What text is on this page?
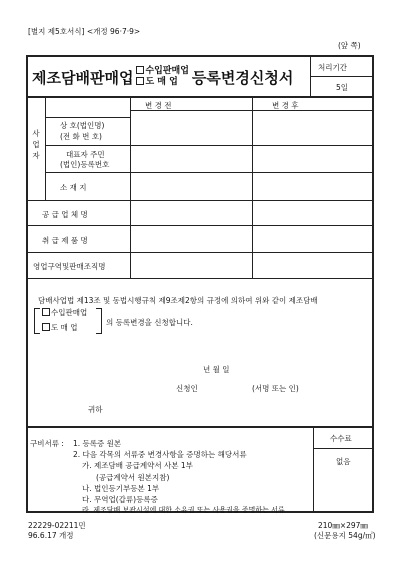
[별지 제5호서식] <개정 96·7·9>
(앞 쪽)
제조담배판매업	수입판매업
도 매 업 등록변경신청서
처리기간
5일
변 경 전	변 경 후
사업자
상 호(법인명)
(전 화 번 호)
대표자 주민
(법인)등록번호
소 재 지
공 급 업 체 명
취 급 제 품 명
영업구역및판매조직명
담배사업법 제13조 및 동법시행규칙 제9조제2항의 규정에 의하여 위와 같이 제조담배
수입판매업
도 매 업
의 등록변경을 신청합니다.
년 월 일
신청인	(서명 또는 인)
귀하
수수료
없음
구비서류 : 1. 등록증 원본
2. 다음 각목의 서류중 변경사항을 증명하는 해당서류
가. 제조담배 공급계약서 사본 1부
(공급계약서 원본지참)
나. 법인등기부등본 1부
다. 무역업(갑류)등록증
라. 제조담배 보관시설에 대한 소유권 또는 사용권을 증명하는 서류
22229-02211민
96.6.17 개정
210㎜×297㎜
(신문용지 54g/㎡)
